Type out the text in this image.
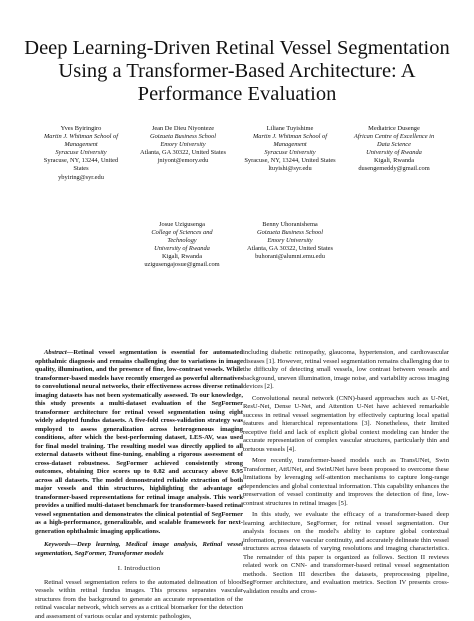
Deep Learning-Driven Retinal Vessel Segmentation Using a Transformer-Based Architecture: A Performance Evaluation
Yves Byiringiro
Martin J. Whitman School of Management
Syracuse University
Syracuse, NY, 13244, United States
ybyiring@syr.edu
Jean De Dieu Niyonteze
Goizueta Business School
Emory University
Atlanta, GA 30322, United States
jniyont@emory.edu
Liliane Tuyishime
Martin J. Whitman School of Management
Syracuse University
Syracuse, NY, 13244, United States
ltuyishi@syr.edu
Mediatrice Dusenge
African Centre of Excellence in Data Science
University of Rwanda
Kigali, Rwanda
dusengemeddy@gmail.com
Josue Uzigusenga
College of Sciences and Technology
University of Rwanda
Kigali, Rwanda
uzigusengajosue@gmail.com
Benny Uhoranishema
Goizueta Business School
Emory University
Atlanta, GA 30322, United States
buhorani@alumni.emu.edu

Abstract—Retinal vessel segmentation is essential for automated ophthalmic diagnosis and remains challenging due to variations in image quality, illumination, and the presence of fine, low-contrast vessels. While transformer-based models have recently emerged as powerful alternatives to convolutional neural networks, their effectiveness across diverse retinal imaging datasets has not been systematically assessed. To our knowledge, this study presents a multi-dataset evaluation of the SegFormer transformer architecture for retinal vessel segmentation using eight widely adopted fundus datasets. A five-fold cross-validation strategy was employed to assess generalization across heterogeneous imaging conditions, after which the best-performing dataset, LES-AV, was used for final model training. The resulting model was directly applied to all external datasets without fine-tuning, enabling a rigorous assessment of cross-dataset robustness. SegFormer achieved consistently strong outcomes, obtaining Dice scores up to 0.82 and accuracy above 0.95 across all datasets. The model demonstrated reliable extraction of both major vessels and thin structures, highlighting the advantage of transformer-based representations for retinal image analysis. This work provides a unified multi-dataset benchmark for transformer-based retinal vessel segmentation and demonstrates the clinical potential of SegFormer as a high-performance, generalizable, and scalable framework for next-generation ophthalmic imaging applications.

Keywords—Deep learning, Medical image analysis, Retinal vessel segmentation, SegFormer, Transformer models

I. Introduction

Retinal vessel segmentation refers to the automated delineation of blood vessels within retinal fundus images. This process separates vascular structures from the background to generate an accurate representation of the retinal vascular network, which serves as a critical biomarker for the detection and assessment of various ocular and systemic pathologies,

including diabetic retinopathy, glaucoma, hypertension, and cardiovascular diseases [1]. However, retinal vessel segmentation remains challenging due to the difficulty of detecting small vessels, low contrast between vessels and background, uneven illumination, image noise, and variability across imaging devices [2].

Convolutional neural network (CNN)-based approaches such as U-Net, ResU-Net, Dense U-Net, and Attention U-Net have achieved remarkable success in retinal vessel segmentation by effectively capturing local spatial features and hierarchical representations [3]. Nonetheless, their limited receptive field and lack of explicit global context modeling can hinder the accurate representation of complex vascular structures, particularly thin and tortuous vessels [4].

More recently, transformer-based models such as TransUNet, Swin Transformer, AttUNet, and SwinUNet have been proposed to overcome these limitations by leveraging self-attention mechanisms to capture long-range dependencies and global contextual information. This capability enhances the preservation of vessel continuity and improves the detection of fine, low-contrast structures in retinal images [5].

In this study, we evaluate the efficacy of a transformer-based deep learning architecture, SegFormer, for retinal vessel segmentation. Our analysis focuses on the model's ability to capture global contextual information, preserve vascular continuity, and accurately delineate thin vessel structures across datasets of varying resolutions and imaging characteristics. The remainder of this paper is organized as follows. Section II reviews related work on CNN- and transformer-based retinal vessel segmentation methods. Section III describes the datasets, preprocessing pipeline, SegFormer architecture, and evaluation metrics. Section IV presents cross-validation results and cross-
